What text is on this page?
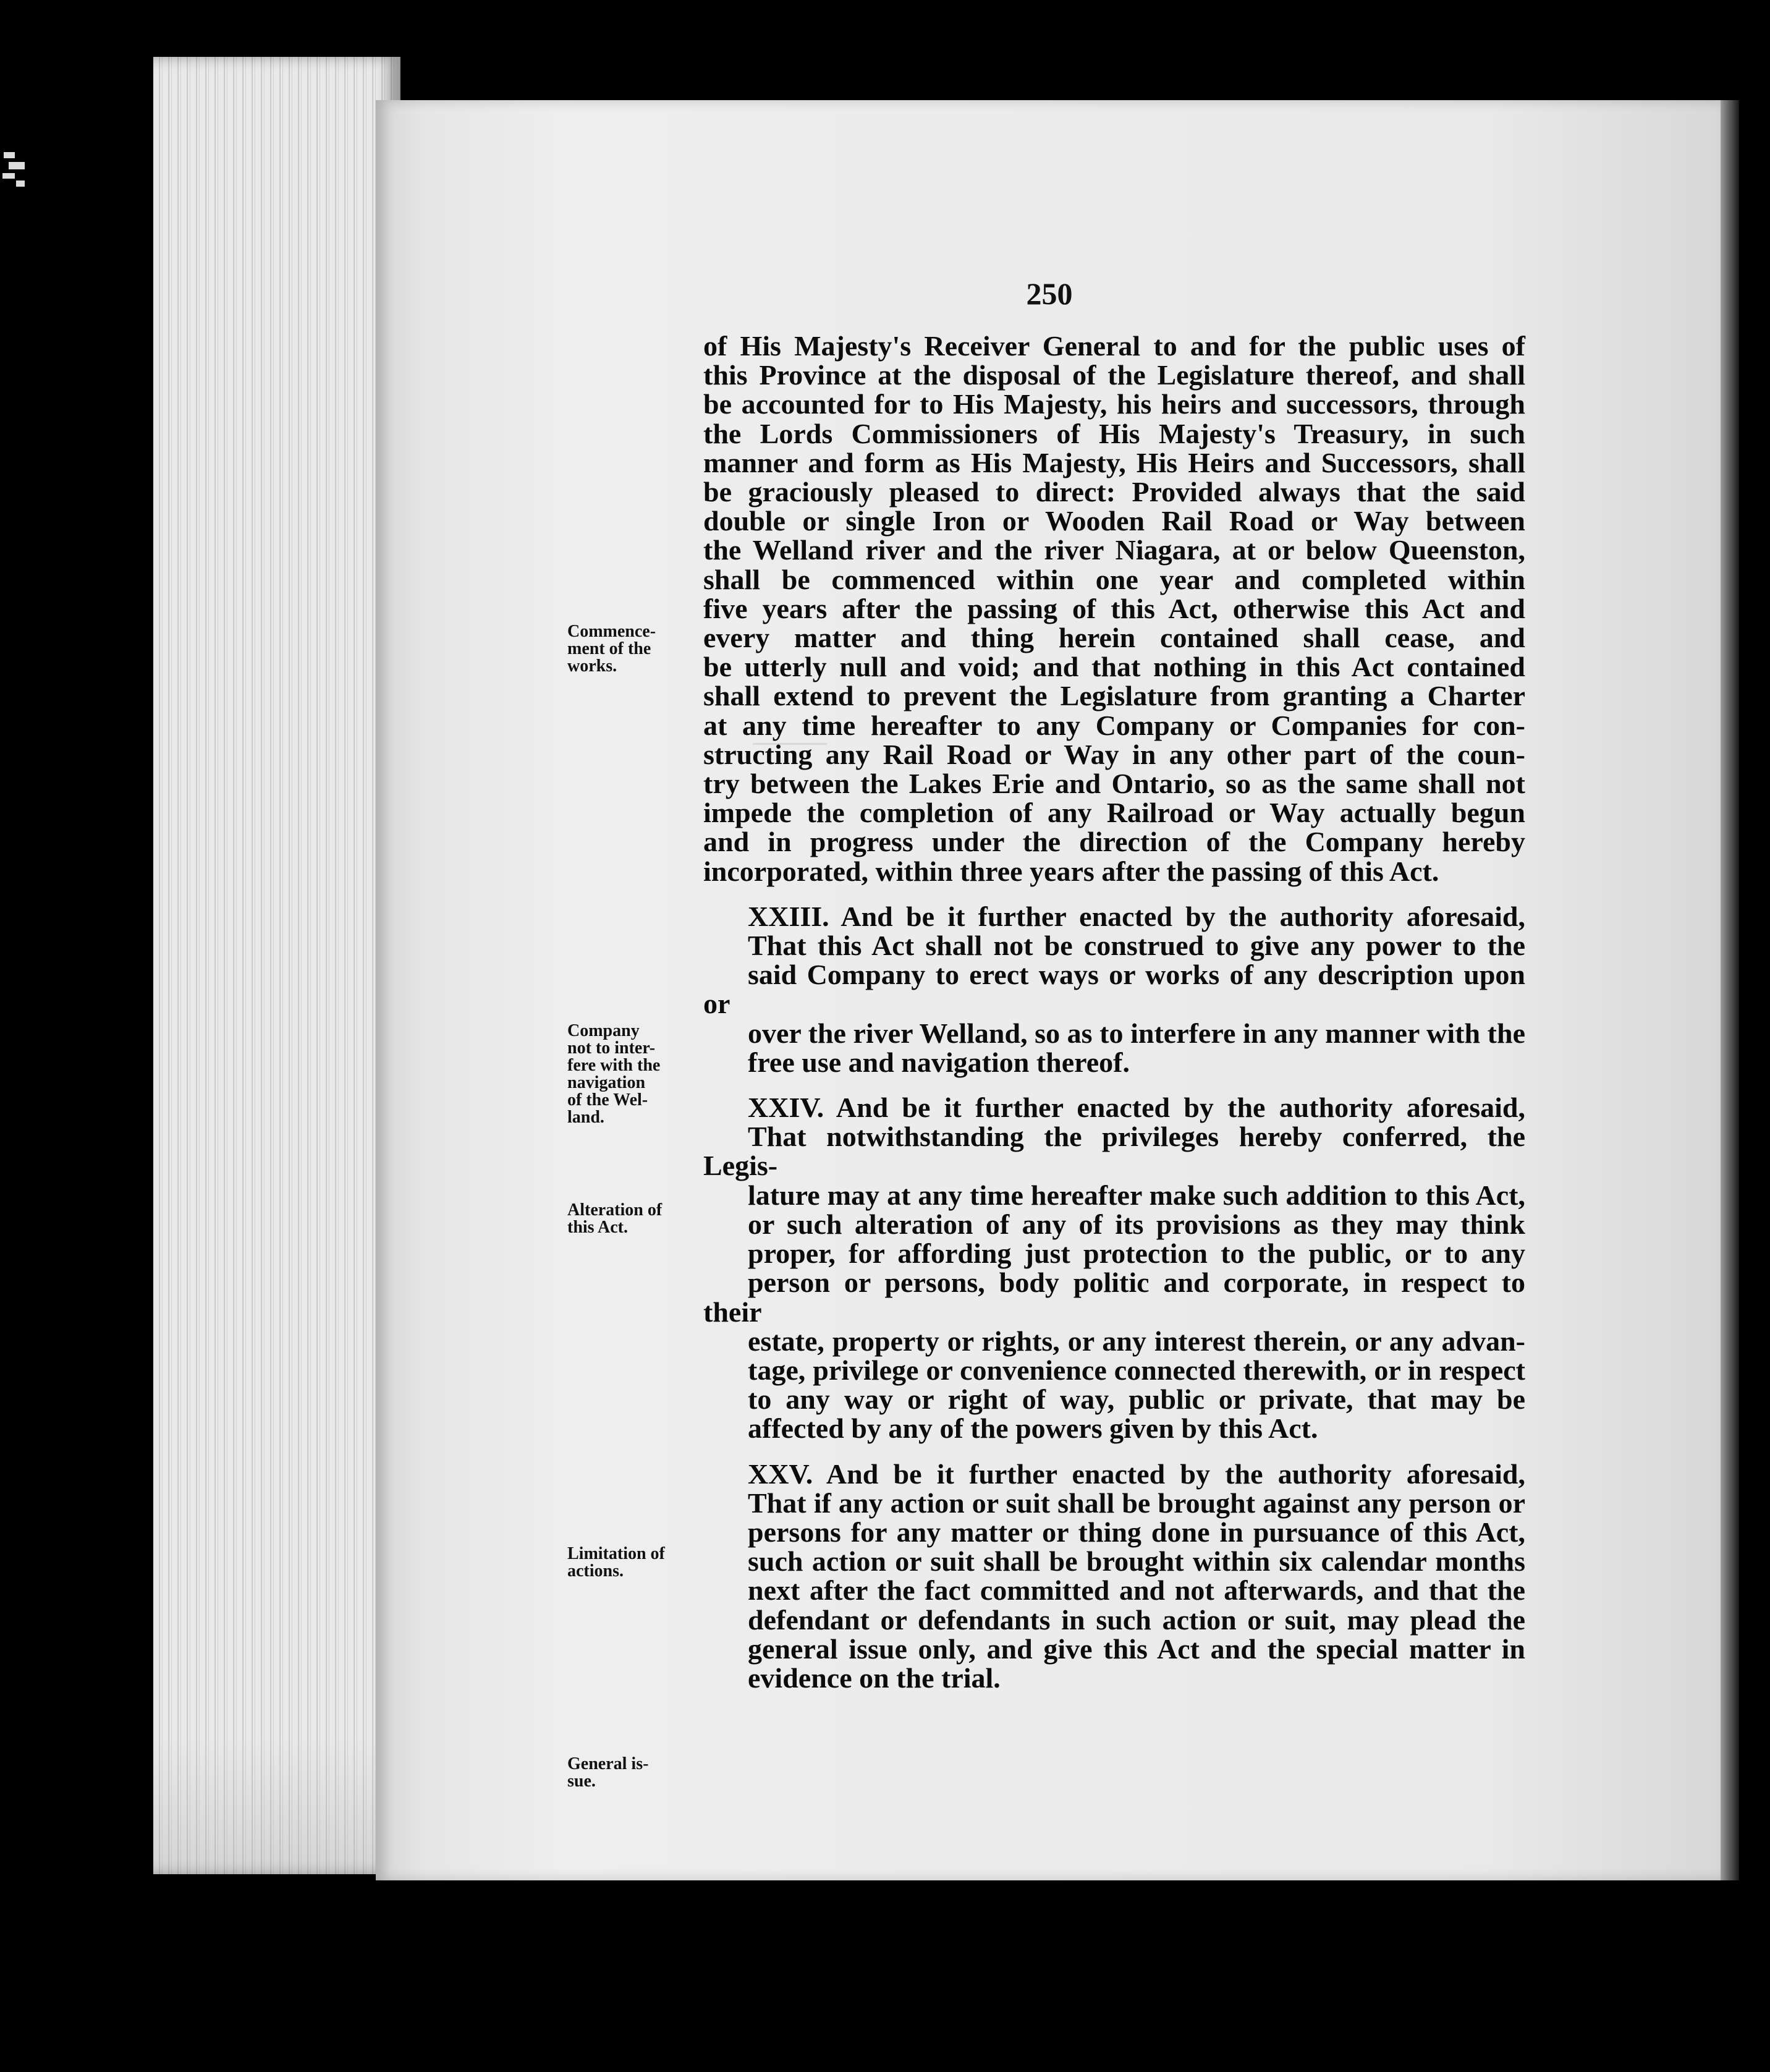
250

of His Majesty's Receiver General to and for the public uses of
this Province at the disposal of the Legislature thereof, and shall
be accounted for to His Majesty, his heirs and successors, through
the Lords Commissioners of His Majesty's Treasury, in such
manner and form as His Majesty, His Heirs and Successors, shall
be graciously pleased to direct: Provided always that the said
double or single Iron or Wooden Rail Road or Way between
the Welland river and the river Niagara, at or below Queenston,
shall be commenced within one year and completed within
five years after the passing of this Act, otherwise this Act and
every matter and thing herein contained shall cease, and
be utterly null and void; and that nothing in this Act contained
shall extend to prevent the Legislature from granting a Charter
at any time hereafter to any Company or Companies for con-
structing any Rail Road or Way in any other part of the coun-
try between the Lakes Erie and Ontario, so as the same shall not
impede the completion of any Railroad or Way actually begun
and in progress under the direction of the Company hereby
incorporated, within three years after the passing of this Act.

XXIII. And be it further enacted by the authority aforesaid,
That this Act shall not be construed to give any power to the
said Company to erect ways or works of any description upon or
over the river Welland, so as to interfere in any manner with the
free use and navigation thereof.

XXIV. And be it further enacted by the authority aforesaid,
That notwithstanding the privileges hereby conferred, the Legis-
lature may at any time hereafter make such addition to this Act,
or such alteration of any of its provisions as they may think
proper, for affording just protection to the public, or to any
person or persons, body politic and corporate, in respect to their
estate, property or rights, or any interest therein, or any advan-
tage, privilege or convenience connected therewith, or in respect
to any way or right of way, public or private, that may be
affected by any of the powers given by this Act.

XXV. And be it further enacted by the authority aforesaid,
That if any action or suit shall be brought against any person or
persons for any matter or thing done in pursuance of this Act,
such action or suit shall be brought within six calendar months
next after the fact committed and not afterwards, and that the
defendant or defendants in such action or suit, may plead the
general issue only, and give this Act and the special matter in
evidence on the trial.

Commence-
ment of the
works.
Company
not to inter-
fere with the
navigation
of the Wel-
land.
Alteration of
this Act.
Limitation of
actions.
General is-
sue.
